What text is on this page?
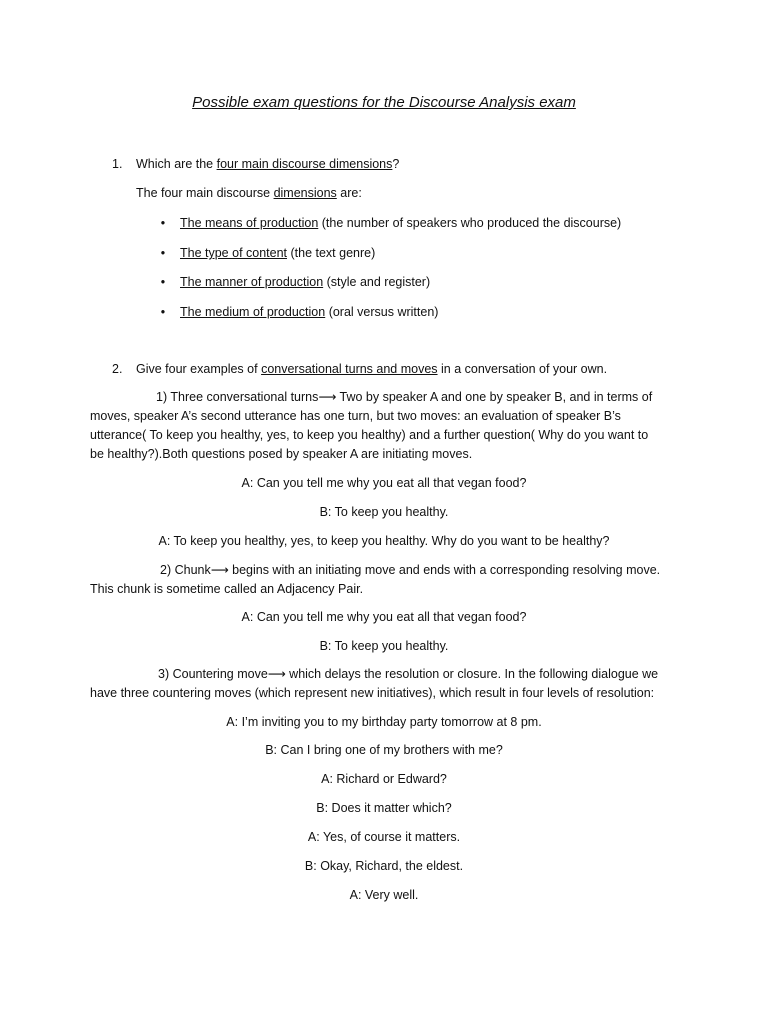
Possible exam questions for the Discourse Analysis exam
1. Which are the four main discourse dimensions?
The four main discourse dimensions are:
• The means of production (the number of speakers who produced the discourse)
• The type of content (the text genre)
• The manner of production (style and register)
• The medium of production (oral versus written)
2. Give four examples of conversational turns and moves in a conversation of your own.
1) Three conversational turns⟶ Two by speaker A and one by speaker B, and in terms of
moves, speaker A’s second utterance has one turn, but two moves: an evaluation of speaker B’s
utterance( To keep you healthy, yes, to keep you healthy) and a further question( Why do you want to
be healthy?).Both questions posed by speaker A are initiating moves.
A: Can you tell me why you eat all that vegan food?
B: To keep you healthy.
A: To keep you healthy, yes, to keep you healthy. Why do you want to be healthy?
2) Chunk⟶ begins with an initiating move and ends with a corresponding resolving move.
This chunk is sometime called an Adjacency Pair.
A: Can you tell me why you eat all that vegan food?
B: To keep you healthy.
3) Countering move⟶ which delays the resolution or closure. In the following dialogue we
have three countering moves (which represent new initiatives), which result in four levels of resolution:
A: I’m inviting you to my birthday party tomorrow at 8 pm.
B: Can I bring one of my brothers with me?
A: Richard or Edward?
B: Does it matter which?
A: Yes, of course it matters.
B: Okay, Richard, the eldest.
A: Very well.
